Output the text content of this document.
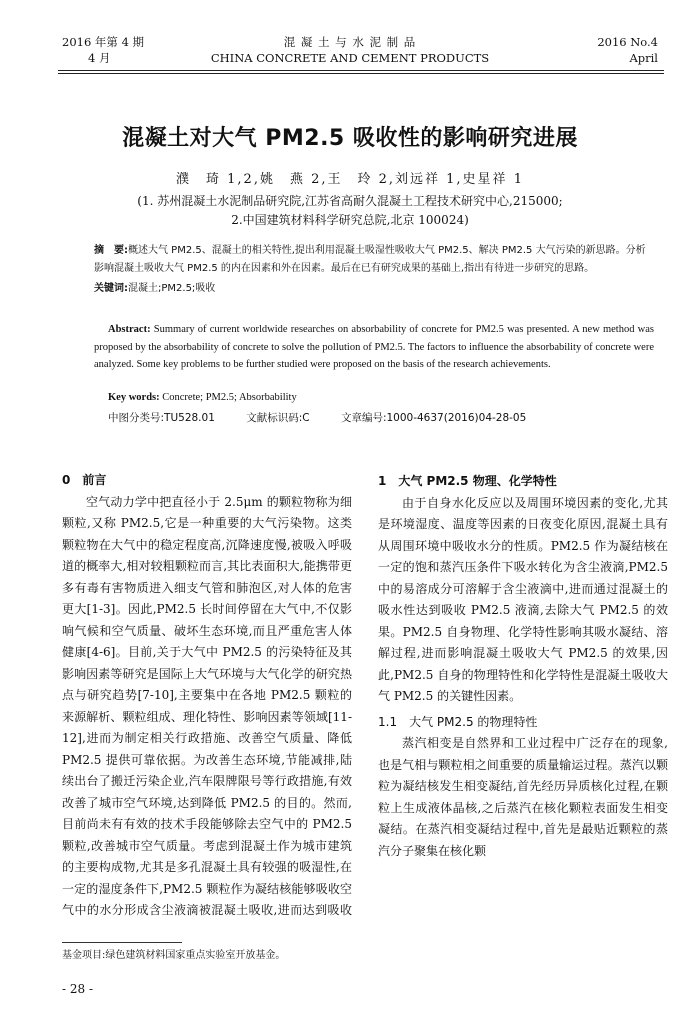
2016 年第 4 期
4 月
混 凝 土 与 水 泥 制 品
CHINA CONCRETE AND CEMENT PRODUCTS
2016 No.4
April
混凝土对大气 PM2.5 吸收性的影响研究进展
濮　琦 1,2,姚　燕 2,王　玲 2,刘远祥 1,史星祥 1
(1. 苏州混凝土水泥制品研究院,江苏省高耐久混凝土工程技术研究中心,215000;
2.中国建筑材料科学研究总院,北京 100024)
摘　要:概述大气 PM2.5、混凝土的相关特性,提出利用混凝土吸湿性吸收大气 PM2.5、解决 PM2.5 大气污染的新思路。分析影响混凝土吸收大气 PM2.5 的内在因素和外在因素。最后在已有研究成果的基础上,指出有待进一步研究的思路。
关键词:混凝土;PM2.5;吸收
Abstract: Summary of current worldwide researches on absorbability of concrete for PM2.5 was presented. A new method was proposed by the absorbability of concrete to solve the pollution of PM2.5. The factors to influence the absorbability of concrete were analyzed. Some key problems to be further studied were proposed on the basis of the research achievements.
Key words: Concrete; PM2.5; Absorbability
中图分类号:TU528.01	文献标识码:C	文章编号:1000-4637(2016)04-28-05
0　前言

空气动力学中把直径小于 2.5μm 的颗粒物称为细颗粒,又称 PM2.5,它是一种重要的大气污染物。这类颗粒物在大气中的稳定程度高,沉降速度慢,被吸入呼吸道的概率大,相对较粗颗粒而言,其比表面积大,能携带更多有毒有害物质进入细支气管和肺泡区,对人体的危害更大[1-3]。因此,PM2.5 长时间停留在大气中,不仅影响气候和空气质量、破坏生态环境,而且严重危害人体健康[4-6]。目前,关于大气中 PM2.5 的污染特征及其影响因素等研究是国际上大气环境与大气化学的研究热点与研究趋势[7-10],主要集中在各地 PM2.5 颗粒的来源解析、颗粒组成、理化特性、影响因素等领域[11-12],进而为制定相关行政措施、改善空气质量、降低 PM2.5 提供可靠依据。为改善生态环境,节能减排,陆续出台了搬迁污染企业,汽车限牌限号等行政措施,有效改善了城市空气环境,达到降低 PM2.5 的目的。然而,目前尚未有有效的技术手段能够除去空气中的 PM2.5 颗粒,改善城市空气质量。考虑到混凝土作为城市建筑的主要构成物,尤其是多孔混凝土具有较强的吸湿性,在一定的湿度条件下,PM2.5 颗粒作为凝结核能够吸收空气中的水分形成含尘液滴被混凝土吸收,进而达到吸收

1　大气 PM2.5 物理、化学特性

由于自身水化反应以及周围环境因素的变化,尤其是环境湿度、温度等因素的日夜变化原因,混凝土具有从周围环境中吸收水分的性质。PM2.5 作为凝结核在一定的饱和蒸汽压条件下吸水转化为含尘液滴,PM2.5 中的易溶成分可溶解于含尘液滴中,进而通过混凝土的吸水性达到吸收 PM2.5 液滴,去除大气 PM2.5 的效果。PM2.5 自身物理、化学特性影响其吸水凝结、溶解过程,进而影响混凝土吸收大气 PM2.5 的效果,因此,PM2.5 自身的物理特性和化学特性是混凝土吸收大气 PM2.5 的关键性因素。

1.1　大气 PM2.5 的物理特性

蒸汽相变是自然界和工业过程中广泛存在的现象,也是气相与颗粒相之间重要的质量输运过程。蒸汽以颗粒为凝结核发生相变凝结,首先经历异质核化过程,在颗粒上生成液体晶核,之后蒸汽在核化颗粒表面发生相变凝结。在蒸汽相变凝结过程中,首先是最贴近颗粒的蒸汽分子聚集在核化颗

基金项目:绿色建筑材料国家重点实验室开放基金。
- 28 -
